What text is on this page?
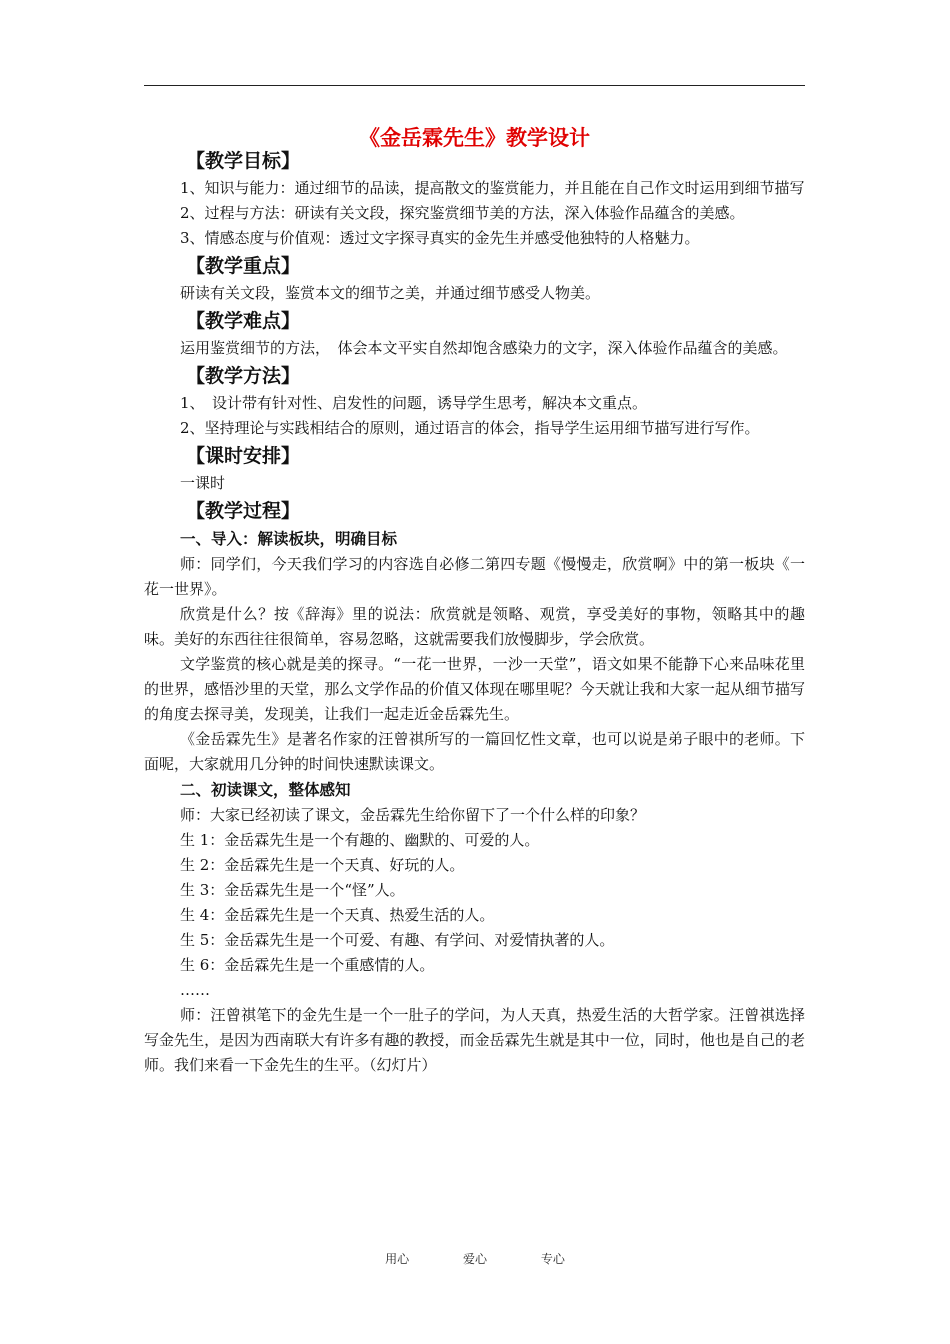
《金岳霖先生》教学设计
【教学目标】

1、知识与能力：通过细节的品读，提高散文的鉴赏能力，并且能在自己作文时运用到细节描写

2、过程与方法：研读有关文段，探究鉴赏细节美的方法，深入体验作品蕴含的美感。

3、情感态度与价值观：透过文字探寻真实的金先生并感受他独特的人格魅力。

【教学重点】

研读有关文段，鉴赏本文的细节之美，并通过细节感受人物美。

【教学难点】

运用鉴赏细节的方法，　体会本文平实自然却饱含感染力的文字，深入体验作品蕴含的美感。

【教学方法】

1、　设计带有针对性、启发性的问题，诱导学生思考，解决本文重点。

2、坚持理论与实践相结合的原则，通过语言的体会，指导学生运用细节描写进行写作。

【课时安排】

一课时

【教学过程】

一、导入：解读板块，明确目标

师：同学们，今天我们学习的内容选自必修二第四专题《慢慢走，欣赏啊》中的第一板块《一花一世界》。

欣赏是什么？按《辞海》里的说法：欣赏就是领略、观赏，享受美好的事物，领略其中的趣味。美好的东西往往很简单，容易忽略，这就需要我们放慢脚步，学会欣赏。

文学鉴赏的核心就是美的探寻。“一花一世界，一沙一天堂”，语文如果不能静下心来品味花里的世界，感悟沙里的天堂，那么文学作品的价值又体现在哪里呢？今天就让我和大家一起从细节描写的角度去探寻美，发现美，让我们一起走近金岳霖先生。

《金岳霖先生》是著名作家的汪曾祺所写的一篇回忆性文章，也可以说是弟子眼中的老师。下面呢，大家就用几分钟的时间快速默读课文。

二、初读课文，整体感知

师：大家已经初读了课文，金岳霖先生给你留下了一个什么样的印象？

生 1：金岳霖先生是一个有趣的、幽默的、可爱的人。

生 2：金岳霖先生是一个天真、好玩的人。

生 3：金岳霖先生是一个“怪”人。

生 4：金岳霖先生是一个天真、热爱生活的人。

生 5：金岳霖先生是一个可爱、有趣、有学问、对爱情执著的人。

生 6：金岳霖先生是一个重感情的人。

……

师：汪曾祺笔下的金先生是一个一肚子的学问，为人天真，热爱生活的大哲学家。汪曾祺选择写金先生，是因为西南联大有许多有趣的教授，而金岳霖先生就是其中一位，同时，他也是自己的老师。我们来看一下金先生的生平。（幻灯片）

用心	爱心	专心
